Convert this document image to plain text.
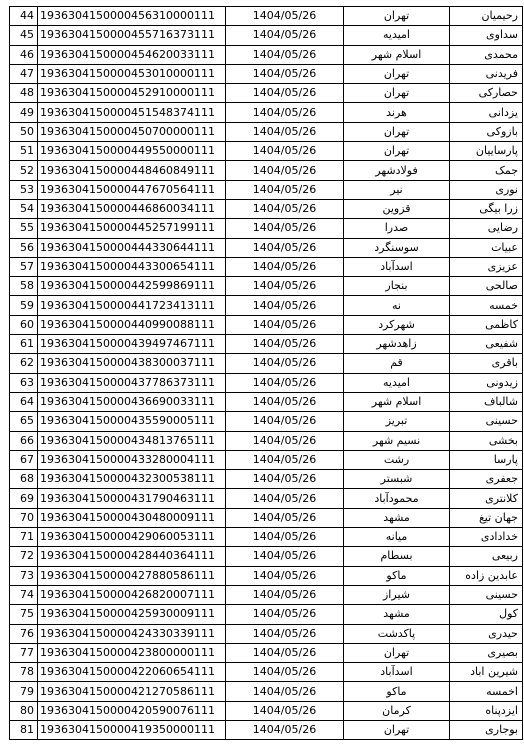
44	1936304150000456310000111	1404/05/26	تهران	رحیمیان
45	1936304150000455716373111	1404/05/26	امیدیه	سداوی
46	1936304150000454620033111	1404/05/26	اسلام شهر	محمدی
47	1936304150000453010000111	1404/05/26	تهران	فریدنی
48	1936304150000452910000111	1404/05/26	تهران	حصارکی
49	1936304150000451548374111	1404/05/26	هرند	یزدانی
50	1936304150000450700000111	1404/05/26	تهران	بازوکی
51	1936304150000449550000111	1404/05/26	تهران	پارساییان
52	1936304150000448460849111	1404/05/26	فولادشهر	جمک
53	1936304150000447670564111	1404/05/26	نیر	نوری
54	1936304150000446860034111	1404/05/26	قزوین	زرا بیگی
55	1936304150000445257199111	1404/05/26	صدرا	رضایی
56	1936304150000444330644111	1404/05/26	سوسنگرد	عبیات
57	1936304150000443300654111	1404/05/26	اسدآباد	عزیزی
58	1936304150000442599869111	1404/05/26	بنجار	صالحی
59	1936304150000441723413111	1404/05/26	نه	خمسه
60	1936304150000440990088111	1404/05/26	شهرکرد	کاظمی
61	1936304150000439497467111	1404/05/26	زاهدشهر	شفیعی
62	1936304150000438300037111	1404/05/26	قم	باقری
63	1936304150000437786373111	1404/05/26	امیدیه	زیدونی
64	1936304150000436690033111	1404/05/26	اسلام شهر	شالباف
65	1936304150000435590005111	1404/05/26	تبریز	حسینی
66	1936304150000434813765111	1404/05/26	نسیم شهر	بخشی
67	1936304150000433280004111	1404/05/26	رشت	پارسا
68	1936304150000432300538111	1404/05/26	شبستر	جعفری
69	1936304150000431790463111	1404/05/26	محمودآباد	کلانتری
70	1936304150000430480009111	1404/05/26	مشهد	جهان تیغ
71	1936304150000429060053111	1404/05/26	میانه	خدادادی
72	1936304150000428440364111	1404/05/26	بسطام	ربیعی
73	1936304150000427880586111	1404/05/26	ماکو	عابدین زاده
74	1936304150000426820007111	1404/05/26	شیراز	حسینی
75	1936304150000425930009111	1404/05/26	مشهد	کول
76	1936304150000424330339111	1404/05/26	پاکدشت	حیدری
77	1936304150000423800000111	1404/05/26	تهران	بصیری
78	1936304150000422060654111	1404/05/26	اسدآباد	شیرین اباد
79	1936304150000421270586111	1404/05/26	ماکو	اخمسه
80	1936304150000420590076111	1404/05/26	کرمان	ایزدپناه
81	1936304150000419350000111	1404/05/26	تهران	بوجاری
